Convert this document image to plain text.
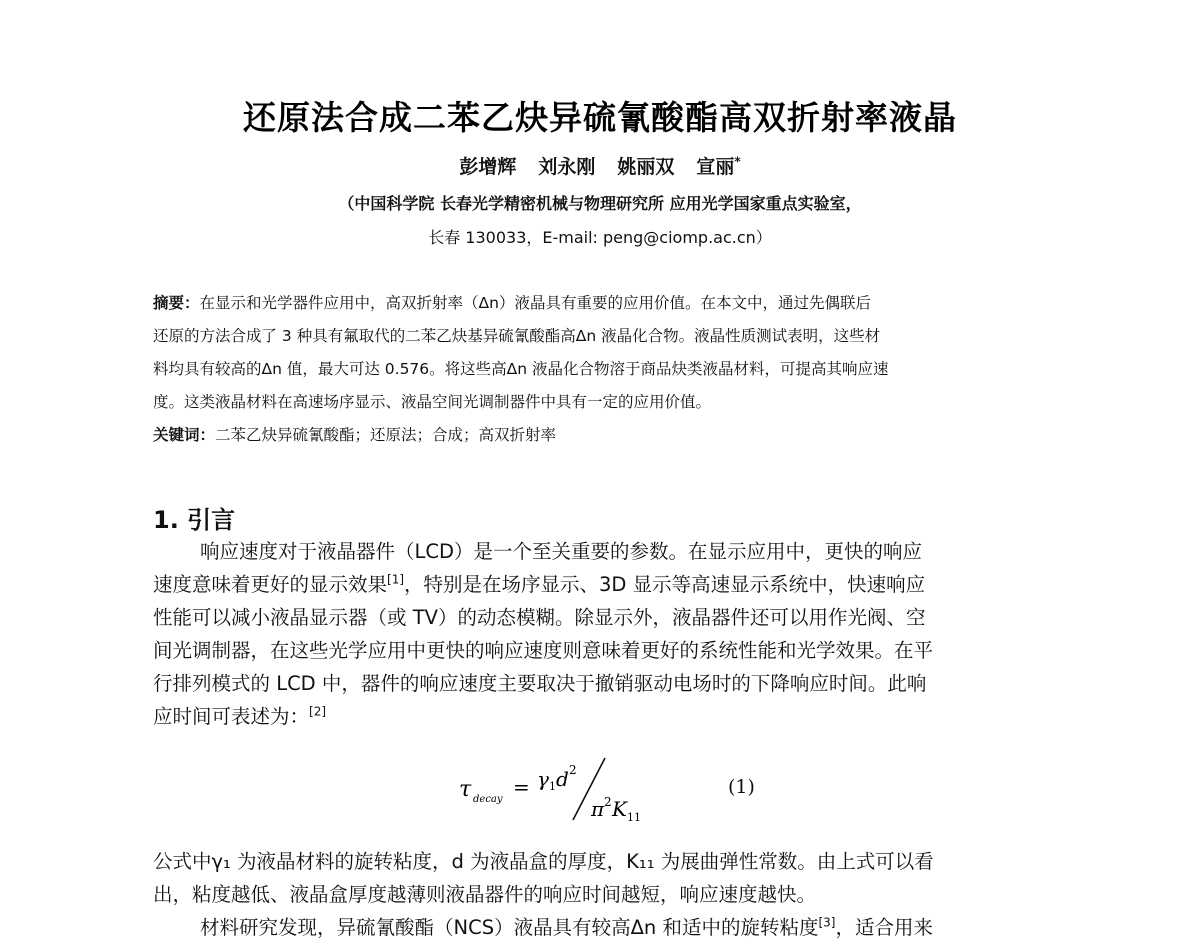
还原法合成二苯乙炔异硫氰酸酯高双折射率液晶
彭增辉 刘永刚 姚丽双 宣丽*
（中国科学院 长春光学精密机械与物理研究所 应用光学国家重点实验室，
长春 130033，E-mail: peng@ciomp.ac.cn）
摘要：在显示和光学器件应用中，高双折射率（Δn）液晶具有重要的应用价值。在本文中，通过先偶联后
还原的方法合成了 3 种具有氟取代的二苯乙炔基异硫氰酸酯高Δn 液晶化合物。液晶性质测试表明，这些材
料均具有较高的Δn 值，最大可达 0.576。将这些高Δn 液晶化合物溶于商品炔类液晶材料，可提高其响应速
度。这类液晶材料在高速场序显示、液晶空间光调制器件中具有一定的应用价值。
关键词：二苯乙炔异硫氰酸酯；还原法；合成；高双折射率
1. 引言
响应速度对于液晶器件（LCD）是一个至关重要的参数。在显示应用中，更快的响应
速度意味着更好的显示效果[1]，特别是在场序显示、3D 显示等高速显示系统中，快速响应
性能可以减小液晶显示器（或 TV）的动态模糊。除显示外，液晶器件还可以用作光阀、空
间光调制器，在这些光学应用中更快的响应速度则意味着更好的系统性能和光学效果。在平
行排列模式的 LCD 中，器件的响应速度主要取决于撤销驱动电场时的下降响应时间。此响
应时间可表述为：[2]
τ decay
= γ 1 d 2
π 2 K 11
(1)
公式中γ₁ 为液晶材料的旋转粘度，d 为液晶盒的厚度，K₁₁ 为展曲弹性常数。由上式可以看
出，粘度越低、液晶盒厚度越薄则液晶器件的响应时间越短，响应速度越快。
材料研究发现，异硫氰酸酯（NCS）液晶具有较高Δn 和适中的旋转粘度[3]，适合用来
